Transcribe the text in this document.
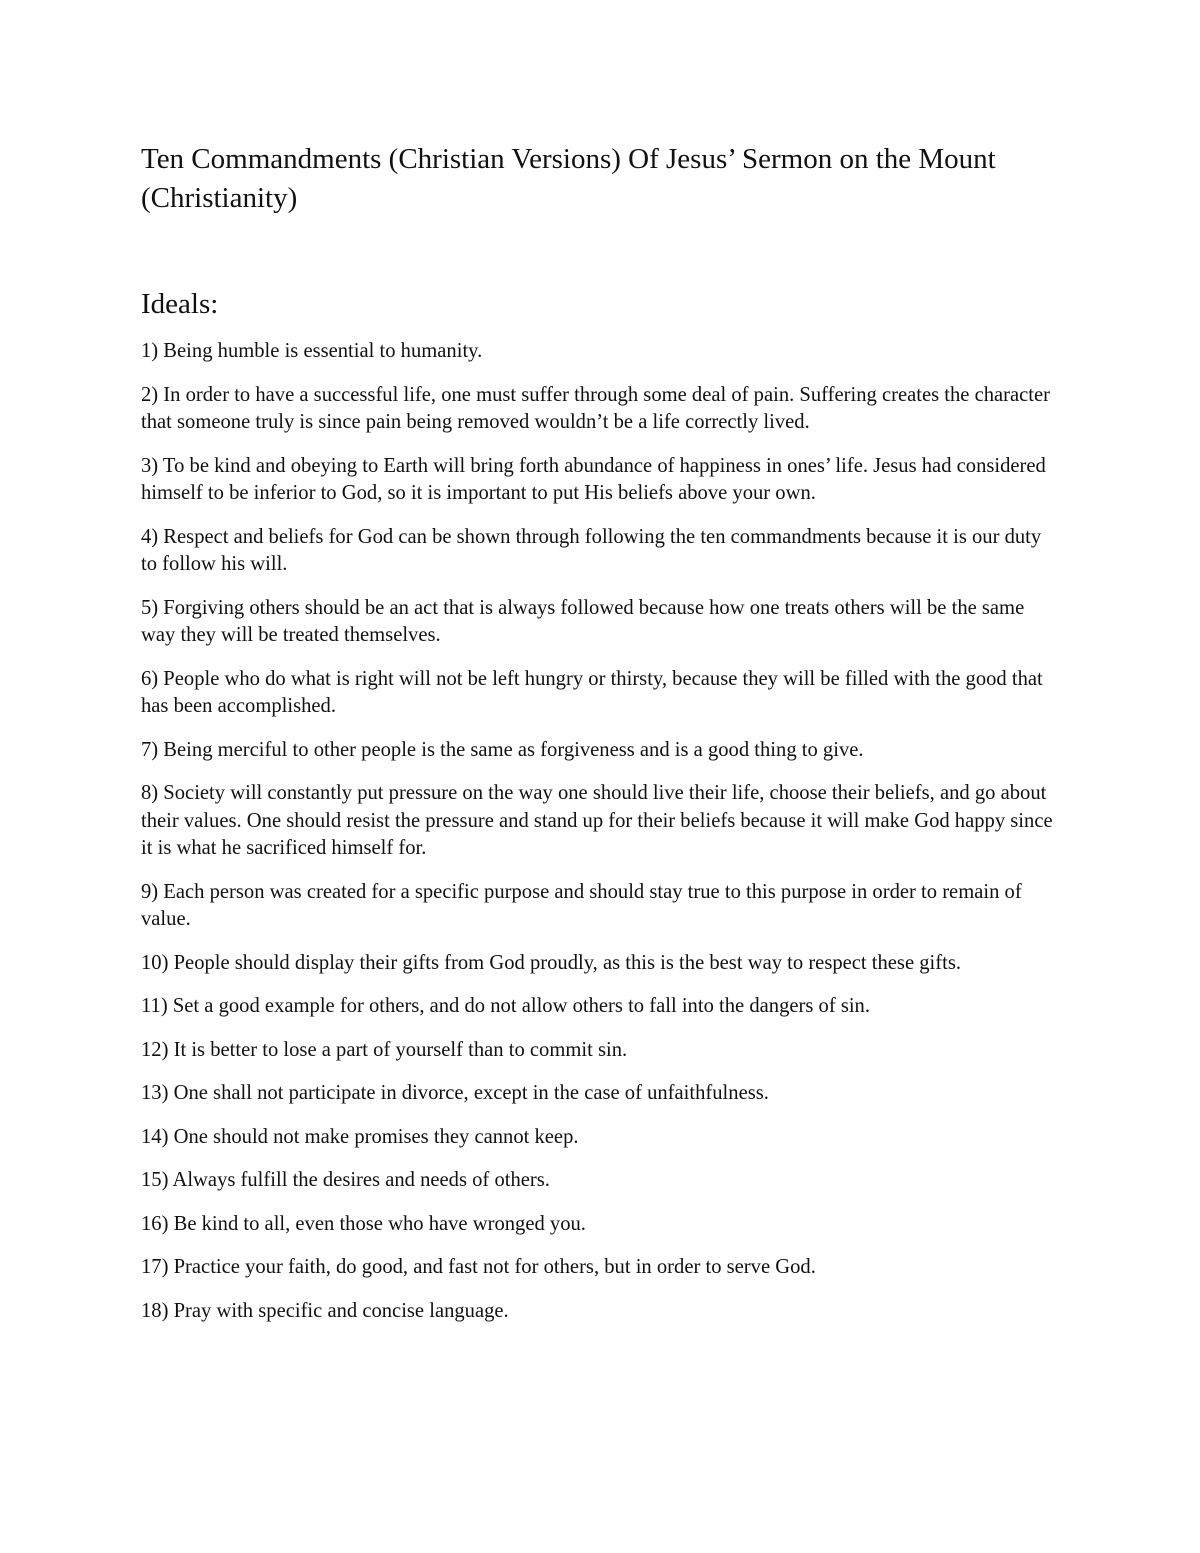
Ten Commandments (Christian Versions) Of Jesus’ Sermon on the Mount (Christianity)
Ideals:
1) Being humble is essential to humanity.
2) In order to have a successful life, one must suffer through some deal of pain. Suffering creates the character that someone truly is since pain being removed wouldn’t be a life correctly lived.
3) To be kind and obeying to Earth will bring forth abundance of happiness in ones’ life. Jesus had considered himself to be inferior to God, so it is important to put His beliefs above your own.
4) Respect and beliefs for God can be shown through following the ten commandments because it is our duty to follow his will.
5) Forgiving others should be an act that is always followed because how one treats others will be the same way they will be treated themselves.
6) People who do what is right will not be left hungry or thirsty, because they will be filled with the good that has been accomplished.
7) Being merciful to other people is the same as forgiveness and is a good thing to give.
8) Society will constantly put pressure on the way one should live their life, choose their beliefs, and go about their values. One should resist the pressure and stand up for their beliefs because it will make God happy since it is what he sacrificed himself for.
9) Each person was created for a specific purpose and should stay true to this purpose in order to remain of value.
10) People should display their gifts from God proudly, as this is the best way to respect these gifts.
11) Set a good example for others, and do not allow others to fall into the dangers of sin.
12) It is better to lose a part of yourself than to commit sin.
13) One shall not participate in divorce, except in the case of unfaithfulness.
14) One should not make promises they cannot keep.
15) Always fulfill the desires and needs of others.
16) Be kind to all, even those who have wronged you.
17) Practice your faith, do good, and fast not for others, but in order to serve God.
18) Pray with specific and concise language.
